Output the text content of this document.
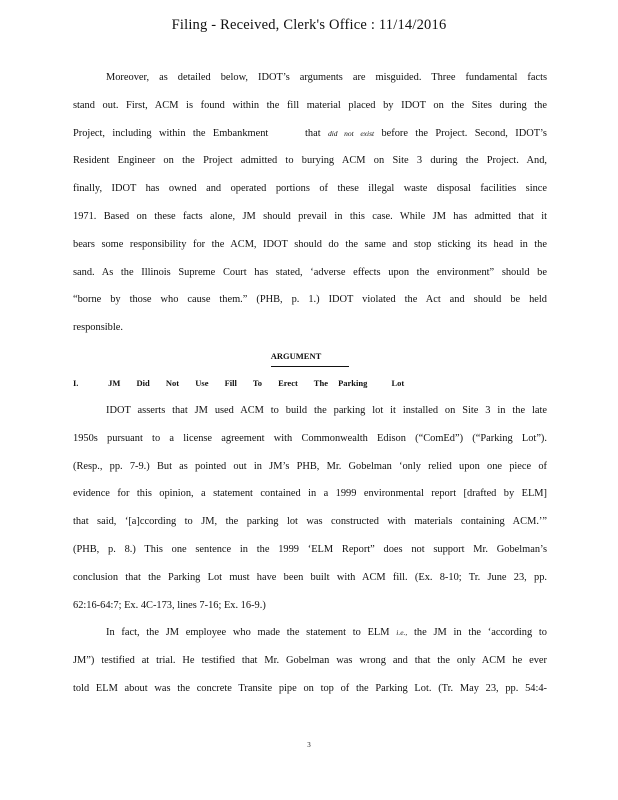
Filing - Received, Clerk's Office : 11/14/2016
Moreover, as detailed below, IDOT’s arguments are misguided. Three fundamental facts
stand out. First, ACM is found within the fill material placed by IDOT on the Sites during the
Project, including within the Embankment	that did not exist before the Project. Second, IDOT’s
Resident Engineer on the Project admitted to burying ACM on Site 3 during the Project. And,
finally, IDOT has owned and operated portions of these illegal waste disposal facilities since
1971. Based on these facts alone, JM should prevail in this case. While JM has admitted that it
bears some responsibility for the ACM, IDOT should do the same and stop sticking its head in the
sand. As the Illinois Supreme Court has stated, ‘adverse effects upon the environment” should be
“borne by those who cause them.” (PHB, p. 1.) IDOT violated the Act and should be held
responsible.
ARGUMENT
I.	JM Did Not Use Fill To Erect The Parking	Lot
IDOT asserts that JM used ACM to build the parking lot it installed on Site 3 in the late
1950s pursuant to a license agreement with Commonwealth Edison (“ComEd”) (“Parking Lot”).
(Resp., pp. 7-9.) But as pointed out in JM’s PHB, Mr. Gobelman ‘only relied upon one piece of
evidence for this opinion, a statement contained in a 1999 environmental report [drafted by ELM]
that said, ‘[a]ccording to JM, the parking lot was constructed with materials containing ACM.’”
(PHB, p. 8.) This one sentence in the 1999 ‘ELM Report” does not support Mr. Gobelman’s
conclusion that the Parking Lot must have been built with ACM fill. (Ex. 8-10; Tr. June 23, pp.
62:16-64:7; Ex. 4C-173, lines 7-16; Ex. 16-9.)
In fact, the JM employee who made the statement to ELM i.e., the JM in the ‘according to
JM”) testified at trial. He testified that Mr. Gobelman was wrong and that the only ACM he ever
told ELM about was the concrete Transite pipe on top of the Parking Lot. (Tr. May 23, pp. 54:4-
3
